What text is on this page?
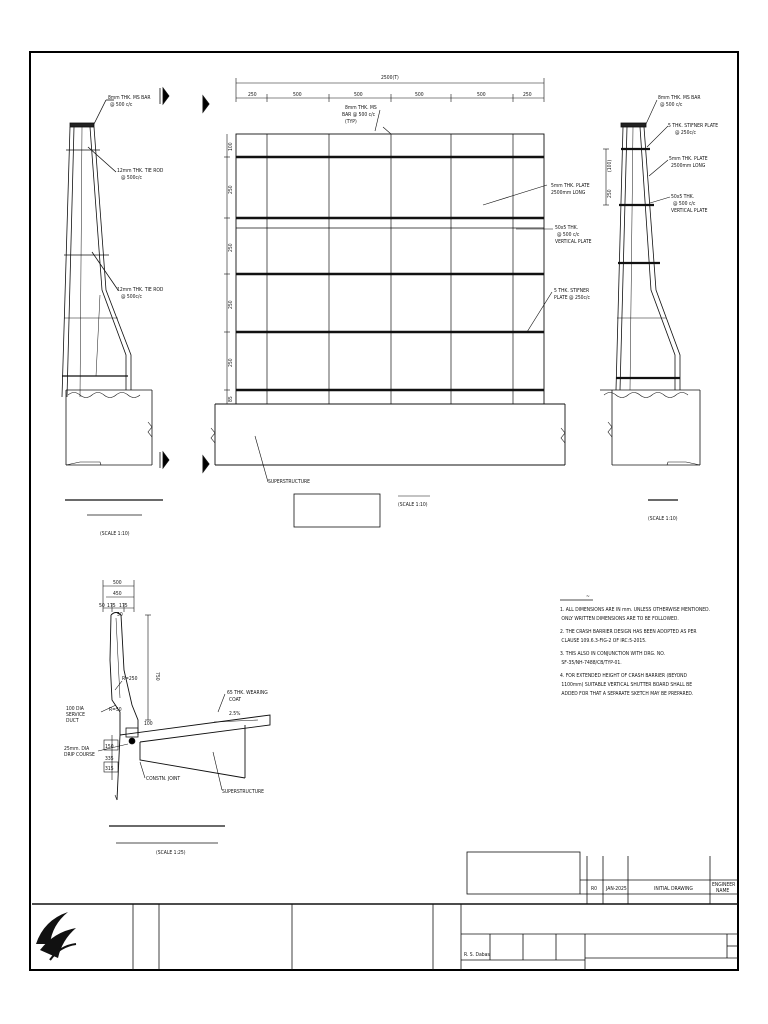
8mm THK. MS BAR @ 500 c/c
12mm THK. TIE ROD @ 500c/c
12mm THK. TIE ROD @ 500c/c
(SCALE 1:10)
2500(T)
250	500	500	500	500	250
8mm THK. MS BAR @ 500 c/c (TYP)
5mm THK. PLATE 2500mm LONG
50x5 THK. @ 500 c/c VERTICAL PLATE
5 THK. STIFNER PLATE @ 250c/c
100
250
250
250
250
85
SUPERSTRUCTURE
(SCALE 1:10)
8mm THK. MS BAR @ 500 c/c
5 THK. STIFNER PLATE @ 250c/c
5mm THK. PLATE 2500mm LONG
50x5 THK. @ 500 c/c VERTICAL PLATE
(100)
250
(SCALE 1:10)
500
450
50 175 175
50
750
R=250
R=50
100
100 DIA SERVICE DUCT
25mm. DIA DRIP COURSE
150
335
315
65 THK. WEARING COAT
2.5%
CONSTN. JOINT
SUPERSTRUCTURE
(SCALE 1:25)
~
1. ALL DIMENSIONS ARE IN mm. UNLESS OTHERWISE MENTIONED. ONLY WRITTEN DIMENSIONS ARE TO BE FOLLOWED.
2. THE CRASH BARRIER DESIGN HAS BEEN ADOPTED AS PER CLAUSE 109.6.3-FIG-2 OF IRC:5-2015.
3. THIS ALSO IN CONJUNCTION WITH DRG. NO. SF-35/NH-7488/CB/TYP-01.
4. FOR EXTENDED HEIGHT OF CRASH BARRIER (BEYOND 1100mm) SUITABLE VERTICAL SHUTTER BOARD SHALL BE ADDED FOR THAT A SEPARATE SKETCH MAY BE PREPARED.
R0 JAN-2025	INITIAL DRAWING
ENGINEER NAME
R. S. Dabas
